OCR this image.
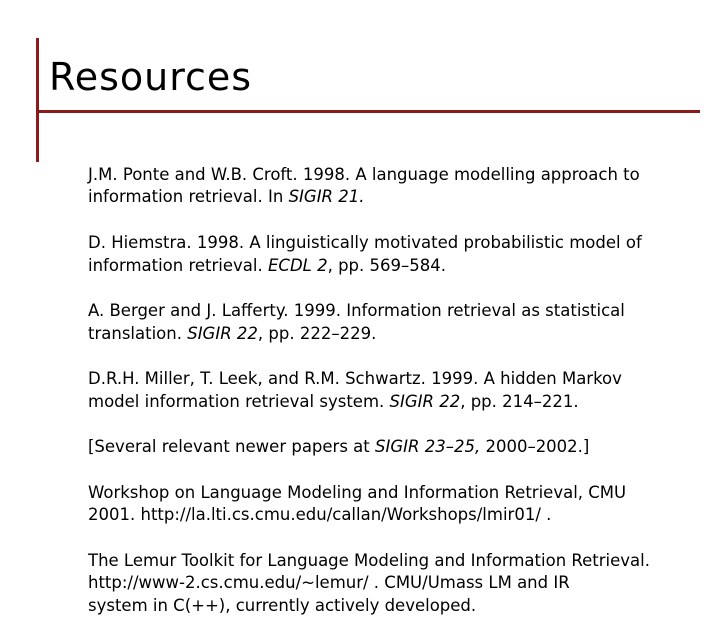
Resources

J.M. Ponte and W.B. Croft. 1998. A language modelling approach to
information retrieval. In SIGIR 21.

D. Hiemstra. 1998. A linguistically motivated probabilistic model of
information retrieval. ECDL 2, pp. 569–584.

A. Berger and J. Lafferty. 1999. Information retrieval as statistical
translation. SIGIR 22, pp. 222–229.

D.R.H. Miller, T. Leek, and R.M. Schwartz. 1999. A hidden Markov
model information retrieval system. SIGIR 22, pp. 214–221.

[Several relevant newer papers at SIGIR 23–25, 2000–2002.]

Workshop on Language Modeling and Information Retrieval, CMU
2001. http://la.lti.cs.cmu.edu/callan/Workshops/lmir01/ .

The Lemur Toolkit for Language Modeling and Information Retrieval.
http://www-2.cs.cmu.edu/~lemur/ . CMU/Umass LM and IR
system in C(++), currently actively developed.
